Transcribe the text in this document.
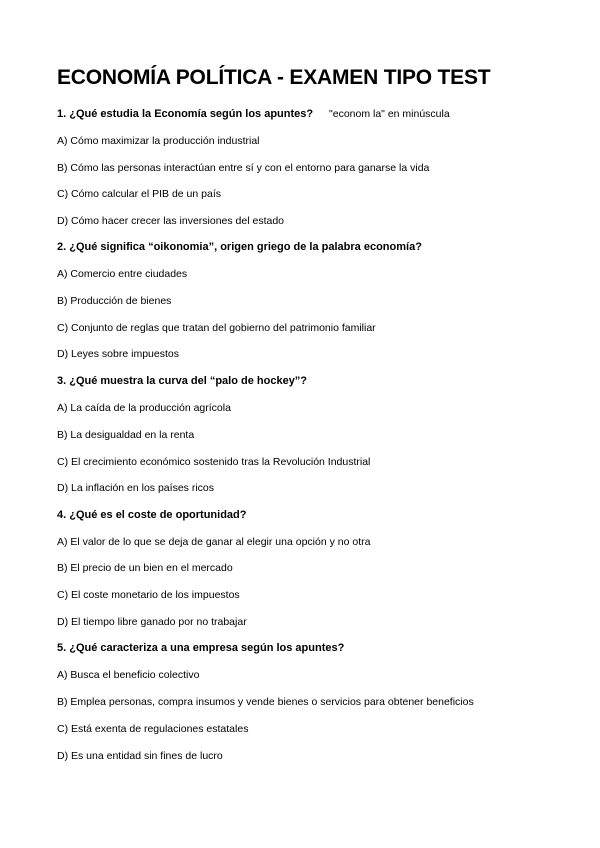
ECONOMÍA POLÍTICA - EXAMEN TIPO TEST
"econom la" en minúscula
1. ¿Qué estudia la Economía según los apuntes?
A) Cómo maximizar la producción industrial
B) Cómo las personas interactúan entre sí y con el entorno para ganarse la vida
C) Cómo calcular el PIB de un país
D) Cómo hacer crecer las inversiones del estado
2. ¿Qué significa “oikonomia”, origen griego de la palabra economía?
A) Comercio entre ciudades
B) Producción de bienes
C) Conjunto de reglas que tratan del gobierno del patrimonio familiar
D) Leyes sobre impuestos
3. ¿Qué muestra la curva del “palo de hockey”?
A) La caída de la producción agrícola
B) La desigualdad en la renta
C) El crecimiento económico sostenido tras la Revolución Industrial
D) La inflación en los países ricos
4. ¿Qué es el coste de oportunidad?
A) El valor de lo que se deja de ganar al elegir una opción y no otra
B) El precio de un bien en el mercado
C) El coste monetario de los impuestos
D) El tiempo libre ganado por no trabajar
5. ¿Qué caracteriza a una empresa según los apuntes?
A) Busca el beneficio colectivo
B) Emplea personas, compra insumos y vende bienes o servicios para obtener beneficios
C) Está exenta de regulaciones estatales
D) Es una entidad sin fines de lucro
